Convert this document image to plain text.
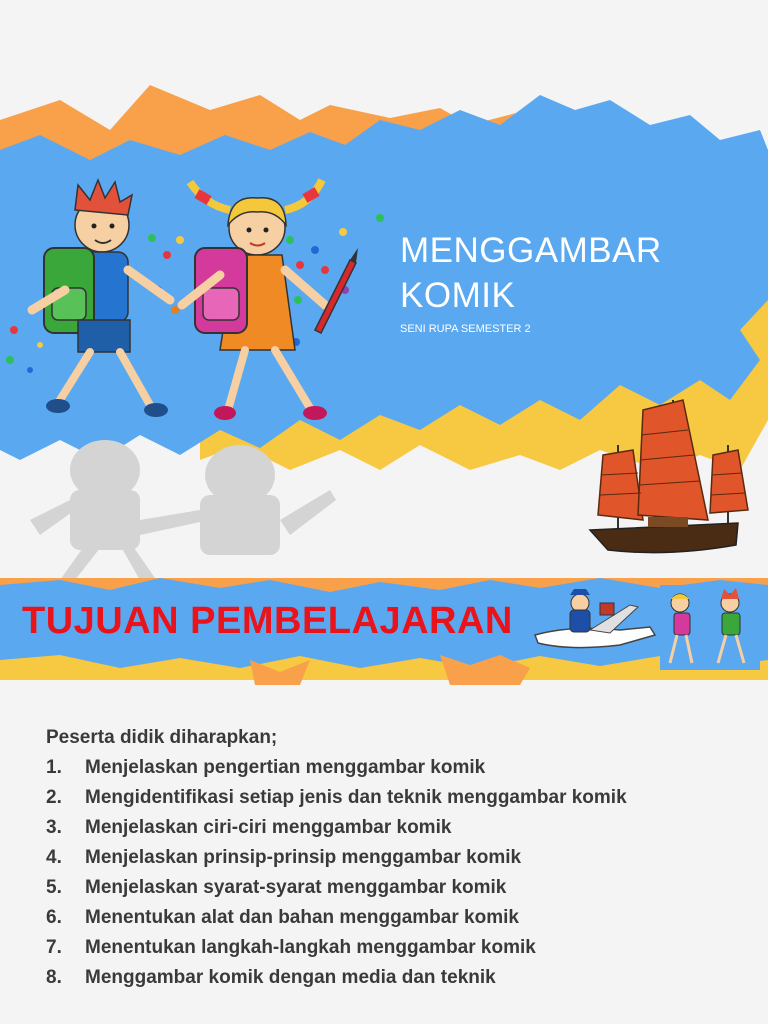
MENGGAMBAR
KOMIK
SENI RUPA SEMESTER 2
TUJUAN PEMBELAJARAN
Peserta didik diharapkan;
1.	Menjelaskan pengertian menggambar komik
2.	Mengidentifikasi setiap jenis dan teknik menggambar komik
3.	Menjelaskan ciri-ciri menggambar komik
4.	Menjelaskan prinsip-prinsip menggambar komik
5.	Menjelaskan syarat-syarat menggambar komik
6.	Menentukan alat dan bahan menggambar komik
7.	Menentukan langkah-langkah menggambar komik
8.	Menggambar komik dengan media dan teknik
